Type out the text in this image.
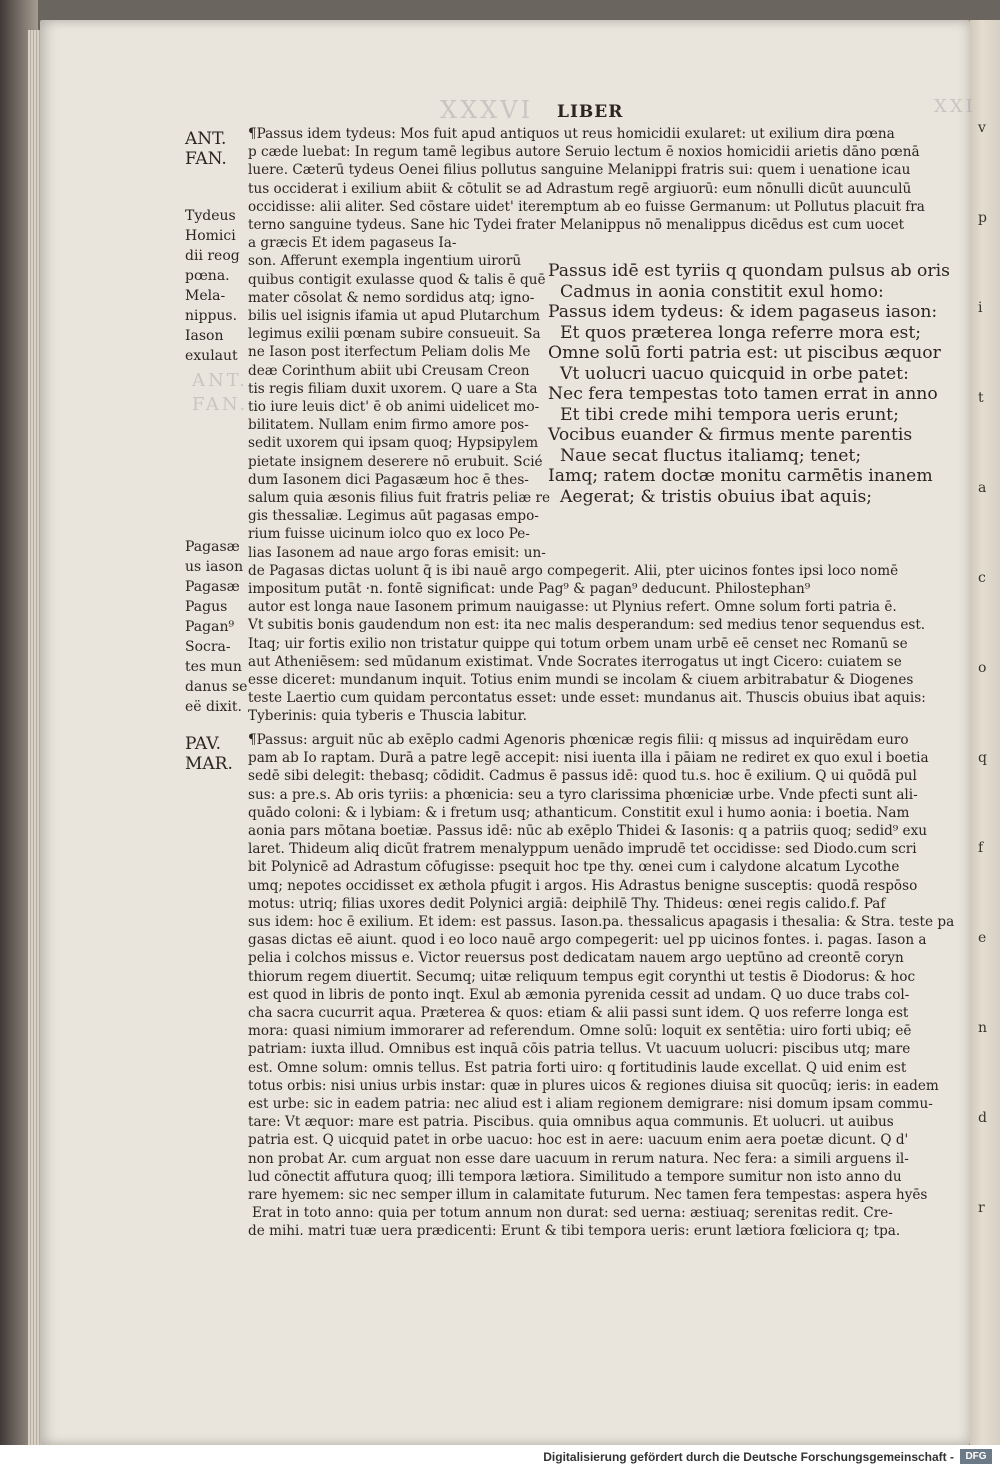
v
p
i
t
a
c
o
q
f
e
n
d
r
XXXVI
ANT.
FAN.
XXI
LIBER
ANT.
FAN.
Tydeus
Homici
dii reog
pœna.
Mela-
nippus.
Iason
exulaut
Pagasæ
us iason
Pagasæ
Pagus
Pagan⁹
Socra-
tes mun
danus se
eë dixit.
PAV.
MAR.
Passus idē est tyriis q quondam pulsus ab oris
Cadmus in aonia constitit exul homo:
Passus idem tydeus: & idem pagaseus iason:
Et quos præterea longa referre mora est;
Omne solū forti patria est: ut piscibus æquor
Vt uolucri uacuo quicquid in orbe patet:
Nec fera tempestas toto tamen errat in anno
Et tibi crede mihi tempora ueris erunt;
Vocibus euander & firmus mente parentis
Naue secat fluctus italiamq; tenet;
Iamq; ratem doctæ monitu carmētis inanem
Aegerat; & tristis obuius ibat aquis;
¶Passus idem tydeus: Mos fuit apud antiquos ut reus homicidii exularet: ut exilium dira pœna
p cæde luebat: In regum tamē legibus autore Seruio lectum ē noxios homicidii arietis dāno pœnā
luere. Cæterū tydeus Oenei filius pollutus sanguine Melanippi fratris sui: quem i uenatione icau
tus occiderat i exilium abiit & cōtulit se ad Adrastum regē argiuorū: eum nōnulli dicūt auunculū
occidisse: alii aliter. Sed cōstare uidet' iteremptum ab eo fuisse Germanum: ut Pollutus placuit fra
terno sanguine tydeus. Sane hic Tydei frater Melanippus nō menalippus dicēdus est cum uocet
a græcis Et idem pagaseus Ia-
son. Afferunt exempla ingentium uirorū
quibus contigit exulasse quod & talis ē quē
mater cōsolat & nemo sordidus atq; igno-
bilis uel isignis ifamia ut apud Plutarchum
legimus exilii pœnam subire consueuit. Sa
ne Iason post iterfectum Peliam dolis Me
deæ Corinthum abiit ubi Creusam Creon
tis regis filiam duxit uxorem. Q uare a Sta
tio iure leuis dict' ē ob animi uidelicet mo-
bilitatem. Nullam enim firmo amore pos-
sedit uxorem qui ipsam quoq; Hypsipylem
pietate insignem deserere nō erubuit. Scié
dum Iasonem dici Pagasæum hoc ē thes-
salum quia æsonis filius fuit fratris peliæ re
gis thessaliæ. Legimus aūt pagasas empo-
rium fuisse uicinum iolco quo ex loco Pe-
lias Iasonem ad naue argo foras emisit: un-
de Pagasas dictas uolunt q̄ is ibi nauē argo compegerit. Alii, pter uicinos fontes ipsi loco nomē
impositum putāt ·n. fontē significat: unde Pag⁹ & pagan⁹ deducunt. Philostephan⁹
autor est longa naue Iasonem primum nauigasse: ut Plynius refert. Omne solum forti patria ē.
Vt subitis bonis gaudendum non est: ita nec malis desperandum: sed medius tenor sequendus est.
Itaq; uir fortis exilio non tristatur quippe qui totum orbem unam urbē eē censet nec Romanū se
aut Atheniēsem: sed mūdanum existimat. Vnde Socrates iterrogatus ut ingt Cicero: cuiatem se
esse diceret: mundanum inquit. Totius enim mundi se incolam & ciuem arbitrabatur & Diogenes
teste Laertio cum quidam percontatus esset: unde esset: mundanus ait. Thuscis obuius ibat aquis:
Tyberinis: quia tyberis e Thuscia labitur.
¶Passus: arguit nūc ab exēplo cadmi Agenoris phœnicæ regis filii: q missus ad inquirēdam euro
pam ab Io raptam. Durā a patre legē accepit: nisi iuenta illa i pāiam ne rediret ex quo exul i boetia
sedē sibi delegit: thebasq; cōdidit. Cadmus ē passus idē: quod tu.s. hoc ē exilium. Q ui quōdā pul
sus: a pre.s. Ab oris tyriis: a phœnicia: seu a tyro clarissima phœniciæ urbe. Vnde pfecti sunt ali-
quādo coloni: & i lybiam: & i fretum usq; athanticum. Constitit exul i humo aonia: i boetia. Nam
aonia pars mōtana boetiæ. Passus idē: nūc ab exēplo Thidei & Iasonis: q a patriis quoq; sedid⁹ exu
laret. Thideum aliq dicūt fratrem menalyppum uenādo imprudē tet occidisse: sed Diodo.cum scri
bit Polynicē ad Adrastum cōfugisse: psequit hoc tpe thy. œnei cum i calydone alcatum Lycothe
umq; nepotes occidisset ex æthola pfugit i argos. His Adrastus benigne susceptis: quodā respōso
motus: utriq; filias uxores dedit Polynici argiā: deiphilē Thy. Thideus: œnei regis calido.f. Paf
sus idem: hoc ē exilium. Et idem: est passus. Iason.pa. thessalicus apagasis i thesalia: & Stra. teste pa
gasas dictas eē aiunt. quod i eo loco nauē argo compegerit: uel pp uicinos fontes. i. pagas. Iason a
pelia i colchos missus e. Victor reuersus post dedicatam nauem argo ueptūno ad creontē coryn
thiorum regem diuertit. Secumq; uitæ reliquum tempus egit corynthi ut testis ē Diodorus: & hoc
est quod in libris de ponto inqt. Exul ab æmonia pyrenida cessit ad undam. Q uo duce trabs col-
cha sacra cucurrit aqua. Præterea & quos: etiam & alii passi sunt idem. Q uos referre longa est
mora: quasi nimium immorarer ad referendum. Omne solū: loquit ex sentētia: uiro forti ubiq; eē
patriam: iuxta illud. Omnibus est inquā cōis patria tellus. Vt uacuum uolucri: piscibus utq; mare
est. Omne solum: omnis tellus. Est patria forti uiro: q fortitudinis laude excellat. Q uid enim est
totus orbis: nisi unius urbis instar: quæ in plures uicos & regiones diuisa sit quocūq; ieris: in eadem
est urbe: sic in eadem patria: nec aliud est i aliam regionem demigrare: nisi domum ipsam commu-
tare: Vt æquor: mare est patria. Piscibus. quia omnibus aqua communis. Et uolucri. ut auibus
patria est. Q uicquid patet in orbe uacuo: hoc est in aere: uacuum enim aera poetæ dicunt. Q d'
non probat Ar. cum arguat non esse dare uacuum in rerum natura. Nec fera: a simili arguens il-
lud cōnectit affutura quoq; illi tempora lætiora. Similitudo a tempore sumitur non isto anno du
rare hyemem: sic nec semper illum in calamitate futurum. Nec tamen fera tempestas: aspera hyēs
Erat in toto anno: quia per totum annum non durat: sed uerna: æstiuaq; serenitas redit. Cre-
de mihi. matri tuæ uera prædicenti: Erunt & tibi tempora ueris: erunt lætiora fœliciora q; tpa.
Digitalisierung gefördert durch die Deutsche Forschungsgemeinschaft -	DFG
